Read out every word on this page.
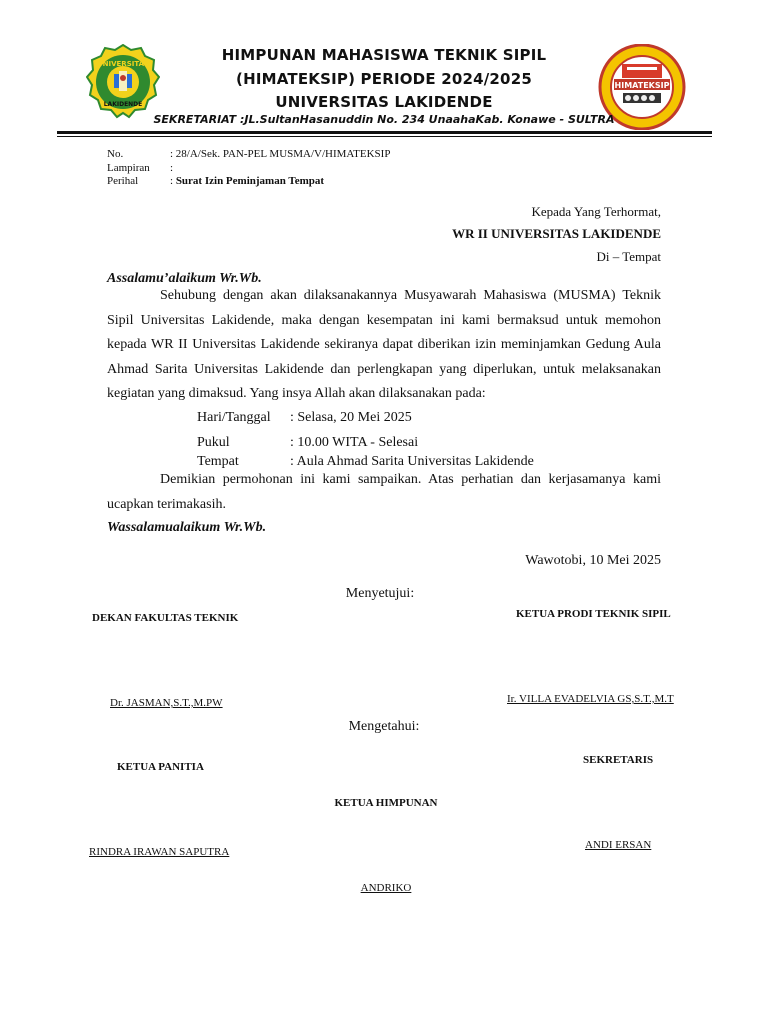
UNIVERSITAS
LAKIDENDE
HIMATEKSIP
HIMPUNAN MAHASISWA TEKNIK SIPIL
(HIMATEKSIP) PERIODE 2024/2025
UNIVERSITAS LAKIDENDE
SEKRETARIAT :JL.SultanHasanuddin No. 234 UnaahaKab. Konawe - SULTRA
No.	: 28/A/Sek. PAN-PEL MUSMA/V/HIMATEKSIP
Lampiran :
Perihal	: Surat Izin Peminjaman Tempat
Kepada Yang Terhormat,
WR II UNIVERSITAS LAKIDENDE
Di – Tempat
Assalamu’alaikum Wr.Wb.
Sehubung dengan akan dilaksanakannya Musyawarah Mahasiswa (MUSMA) Teknik Sipil Universitas Lakidende, maka dengan kesempatan ini kami bermaksud untuk memohon kepada WR II Universitas Lakidende sekiranya dapat diberikan izin meminjamkan Gedung Aula Ahmad Sarita Universitas Lakidende dan perlengkapan yang diperlukan, untuk melaksanakan kegiatan yang dimaksud. Yang insya Allah akan dilaksanakan pada:
Hari/Tanggal : Selasa, 20 Mei 2025
Pukul	: 10.00 WITA - Selesai
Tempat	: Aula Ahmad Sarita Universitas Lakidende
Demikian permohonan ini kami sampaikan. Atas perhatian dan kerjasamanya kami ucapkan terimakasih.
Wassalamualaikum Wr.Wb.
Wawotobi, 10 Mei 2025
Menyetujui:
DEKAN FAKULTAS TEKNIK	KETUA PRODI TEKNIK SIPIL
Dr. JASMAN,S.T.,M.PW	Ir. VILLA EVADELVIA GS,S.T.,M.T
Mengetahui:
KETUA PANITIA
SEKRETARIS
KETUA HIMPUNAN
RINDRA IRAWAN SAPUTRA
ANDI ERSAN
ANDRIKO
